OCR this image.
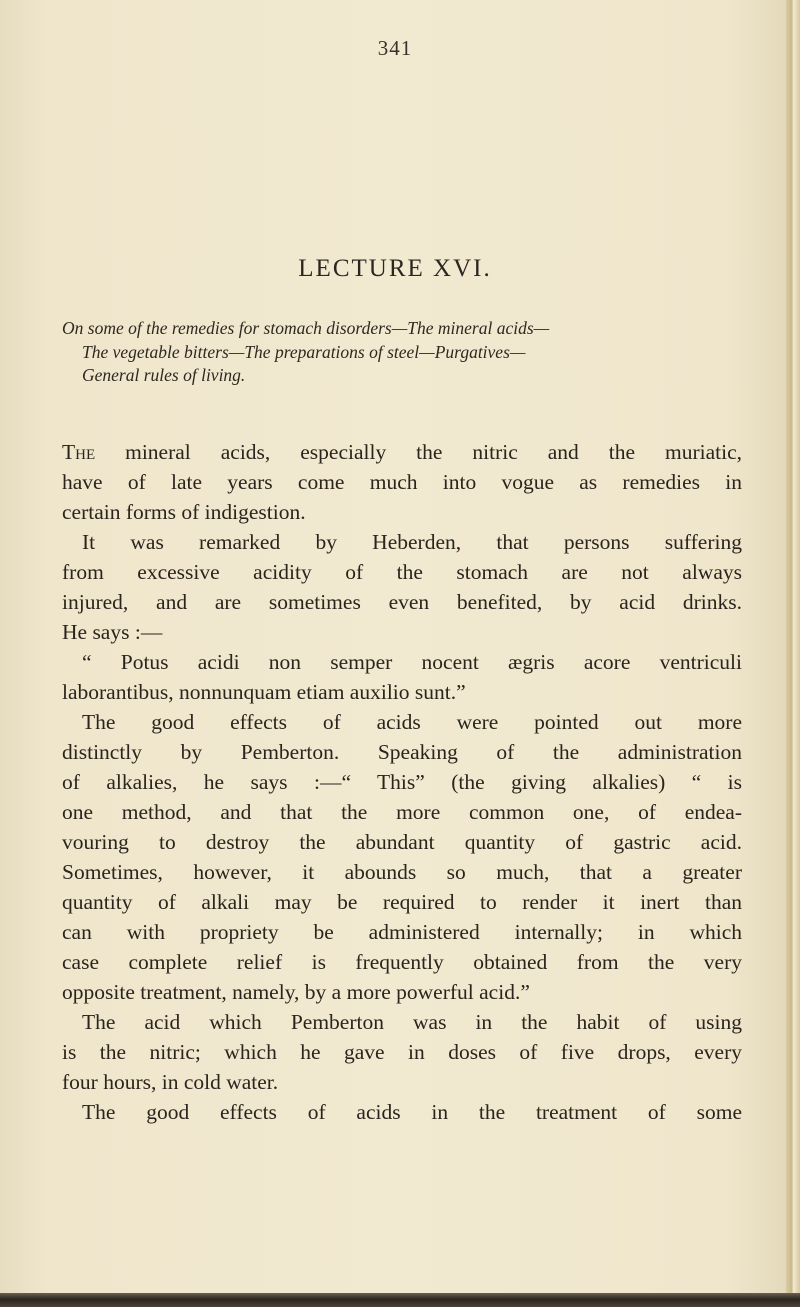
341
LECTURE XVI.
On some of the remedies for stomach disorders—The mineral acids—
The vegetable bitters—The preparations of steel—Purgatives—
General rules of living.
The mineral acids, especially the nitric and the muriatic,
have of late years come much into vogue as remedies in
certain forms of indigestion.
It was remarked by Heberden, that persons suffering
from excessive acidity of the stomach are not always
injured, and are sometimes even benefited, by acid drinks.
He says :—
“ Potus acidi non semper nocent ægris acore ventriculi
laborantibus, nonnunquam etiam auxilio sunt.”
The good effects of acids were pointed out more
distinctly by Pemberton. Speaking of the administration
of alkalies, he says :—“ This” (the giving alkalies) “ is
one method, and that the more common one, of endea-
vouring to destroy the abundant quantity of gastric acid.
Sometimes, however, it abounds so much, that a greater
quantity of alkali may be required to render it inert than
can with propriety be administered internally; in which
case complete relief is frequently obtained from the very
opposite treatment, namely, by a more powerful acid.”
The acid which Pemberton was in the habit of using
is the nitric; which he gave in doses of five drops, every
four hours, in cold water.
The good effects of acids in the treatment of some
